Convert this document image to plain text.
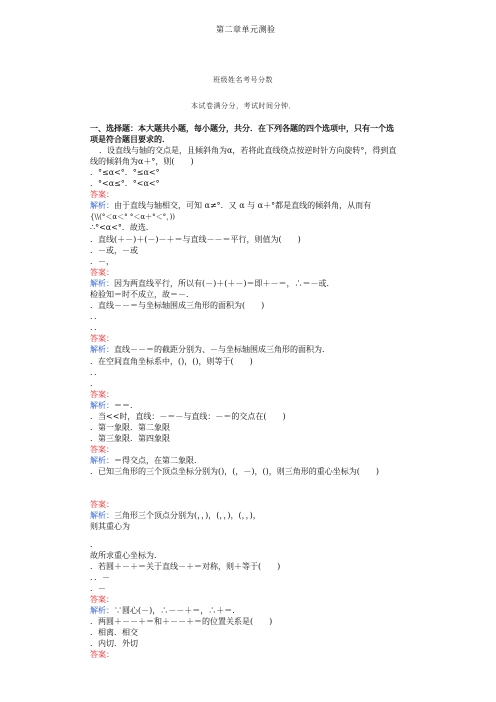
第二章单元测验
班级姓名考号分数
本试卷满分分，考试时间分钟．
一、选择题：本大题共小题，每小题分，共分．在下列各题的四个选项中，只有一个选
项是符合题目要求的．
．设直线与轴的交点是，且倾斜角为α，若将此直线绕点按逆时针方向旋转°，得到直
线的倾斜角为α＋°，则(　　)
．°≤α<°．°≤α<°
．°<α≤°．°<α<°
答案：
解析：由于直线与轴相交，可知 α≠°．又 α 与 α＋°都是直线的倾斜角，从而有
{\\(°＜α＜° °＜α＋°＜°，))
∴°<α<°．故选．
．直线(＋－)＋(－)－＋＝与直线－－＝平行，则值为(　　)
．－或，－或
．－，
答案：
解析：因为两直线平行，所以有(－)＋(＋－)＝即＋－＝，∴＝－或．
检验知＝时不成立，故＝－．
．直线－－＝与坐标轴围成三角形的面积为(　　)
．．
．．
答案：
解析：直线－－＝的截距分别为、－与坐标轴围成三角形的面积为．
．在空间直角坐标系中，()，()，则等于(　　)
．．
．
答案：
解析：＝＝．
．当<<时，直线：－＝－与直线：－＝的交点在(　　)
．第一象限．第二象限
．第三象限．第四象限
答案：
解析：＝得交点，在第二象限．
．已知三角形的三个顶点坐标分别为()，(，－)，()，则三角形的重心坐标为(　　)
答案：
解析：三角形三个顶点分别为(，，)，(，，)，(，，)，
则其重心为
．
故所求重心坐标为．
．若圆＋－＋＝关于直线－＋＝对称，则＋等于(　　)
．．－
．－
答案：
解析：∵圆心(－)，∴－－＋＝，∴＋＝．
．两圆＋－－＋＝和＋－－＋＝的位置关系是(　　)
．相离．相交
．内切．外切
答案：
